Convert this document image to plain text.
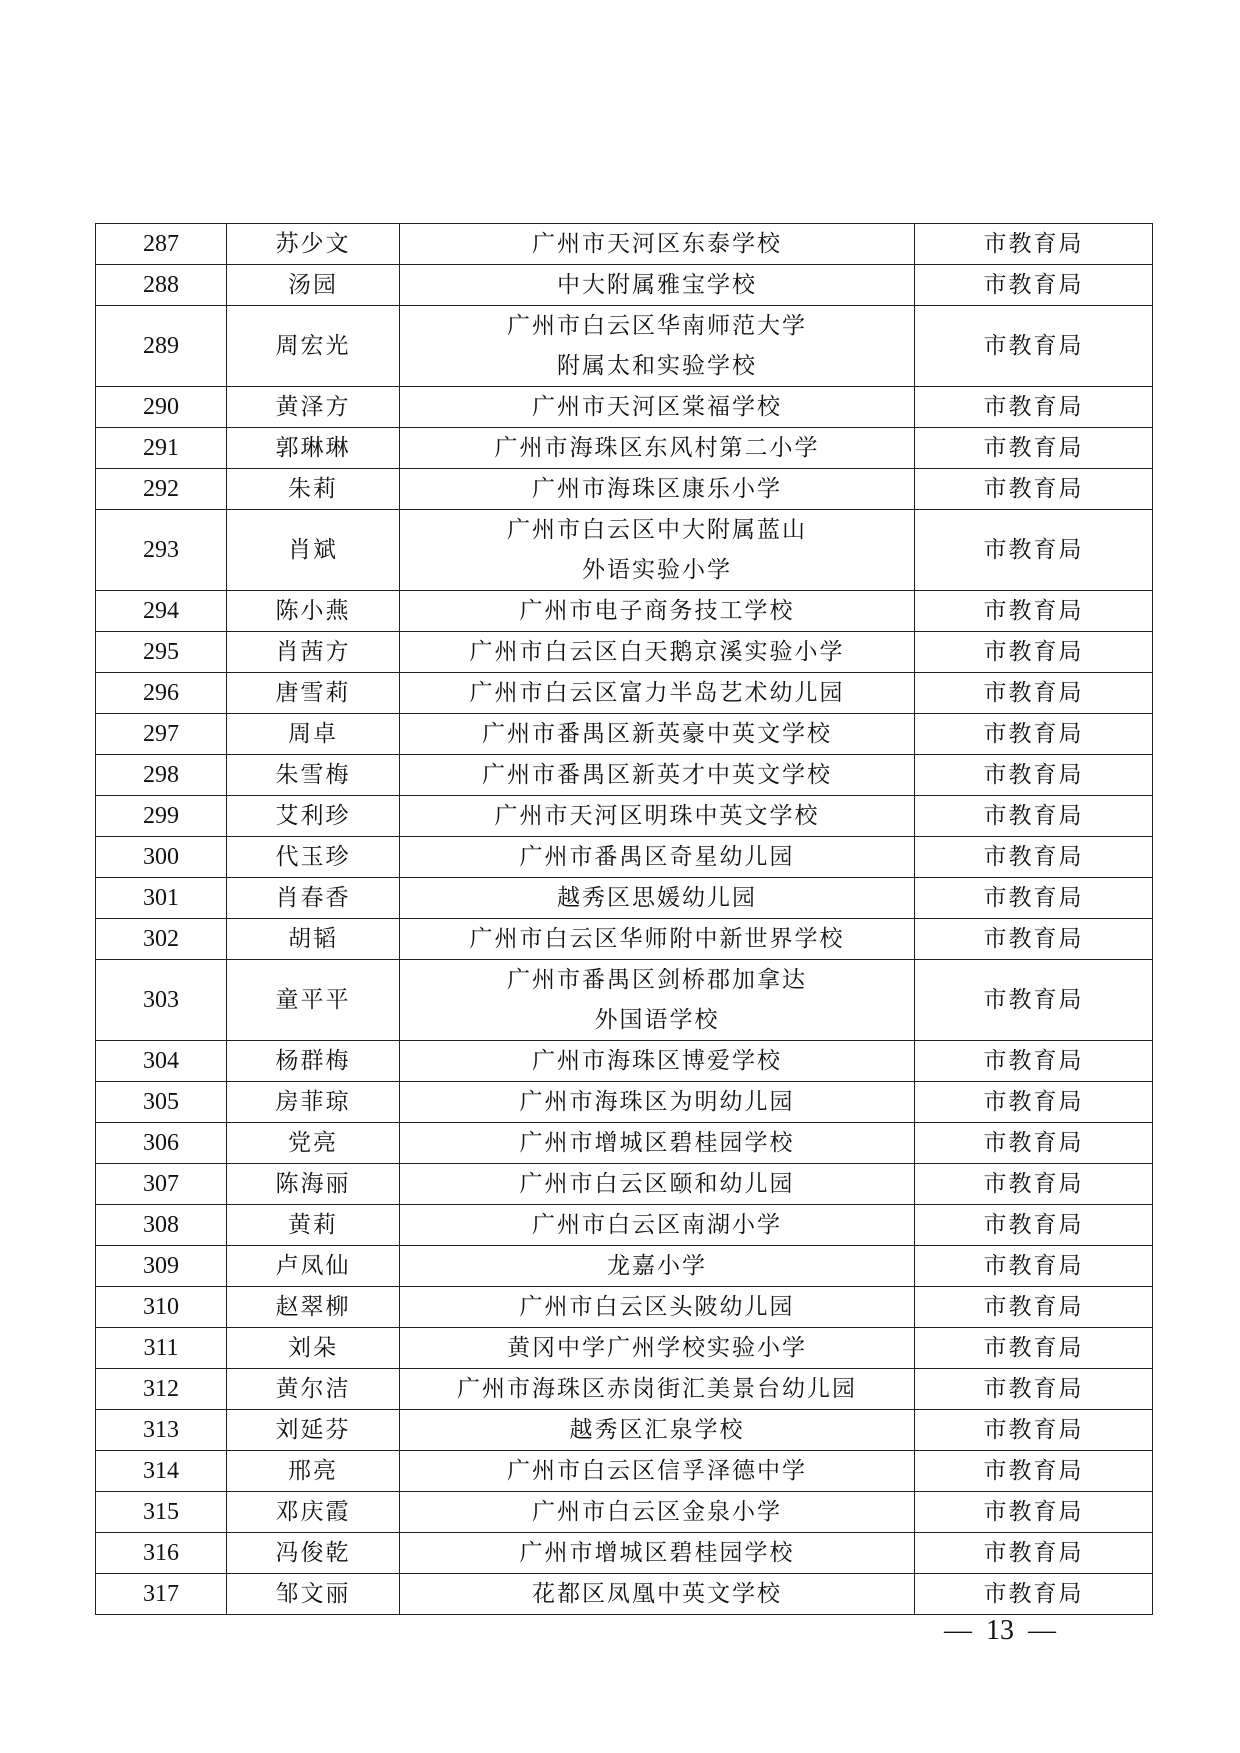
287	苏少文	广州市天河区东泰学校	市教育局
288	汤园	中大附属雅宝学校	市教育局
289	周宏光	广州市白云区华南师范大学
附属太和实验学校	市教育局
290	黄泽方	广州市天河区棠福学校	市教育局
291	郭琳琳	广州市海珠区东风村第二小学	市教育局
292	朱莉	广州市海珠区康乐小学	市教育局
293	肖斌	广州市白云区中大附属蓝山
外语实验小学	市教育局
294	陈小燕	广州市电子商务技工学校	市教育局
295	肖茜方	广州市白云区白天鹅京溪实验小学	市教育局
296	唐雪莉	广州市白云区富力半岛艺术幼儿园	市教育局
297	周卓	广州市番禺区新英豪中英文学校	市教育局
298	朱雪梅	广州市番禺区新英才中英文学校	市教育局
299	艾利珍	广州市天河区明珠中英文学校	市教育局
300	代玉珍	广州市番禺区奇星幼儿园	市教育局
301	肖春香	越秀区思媛幼儿园	市教育局
302	胡韬	广州市白云区华师附中新世界学校	市教育局
303	童平平	广州市番禺区剑桥郡加拿达
外国语学校	市教育局
304	杨群梅	广州市海珠区博爱学校	市教育局
305	房菲琼	广州市海珠区为明幼儿园	市教育局
306	党亮	广州市增城区碧桂园学校	市教育局
307	陈海丽	广州市白云区颐和幼儿园	市教育局
308	黄莉	广州市白云区南湖小学	市教育局
309	卢凤仙	龙嘉小学	市教育局
310	赵翠柳	广州市白云区头陂幼儿园	市教育局
311	刘朵	黄冈中学广州学校实验小学	市教育局
312	黄尔洁	广州市海珠区赤岗街汇美景台幼儿园	市教育局
313	刘延芬	越秀区汇泉学校	市教育局
314	邢亮	广州市白云区信孚泽德中学	市教育局
315	邓庆霞	广州市白云区金泉小学	市教育局
316	冯俊乾	广州市增城区碧桂园学校	市教育局
317	邹文丽	花都区凤凰中英文学校	市教育局
— 13 —
